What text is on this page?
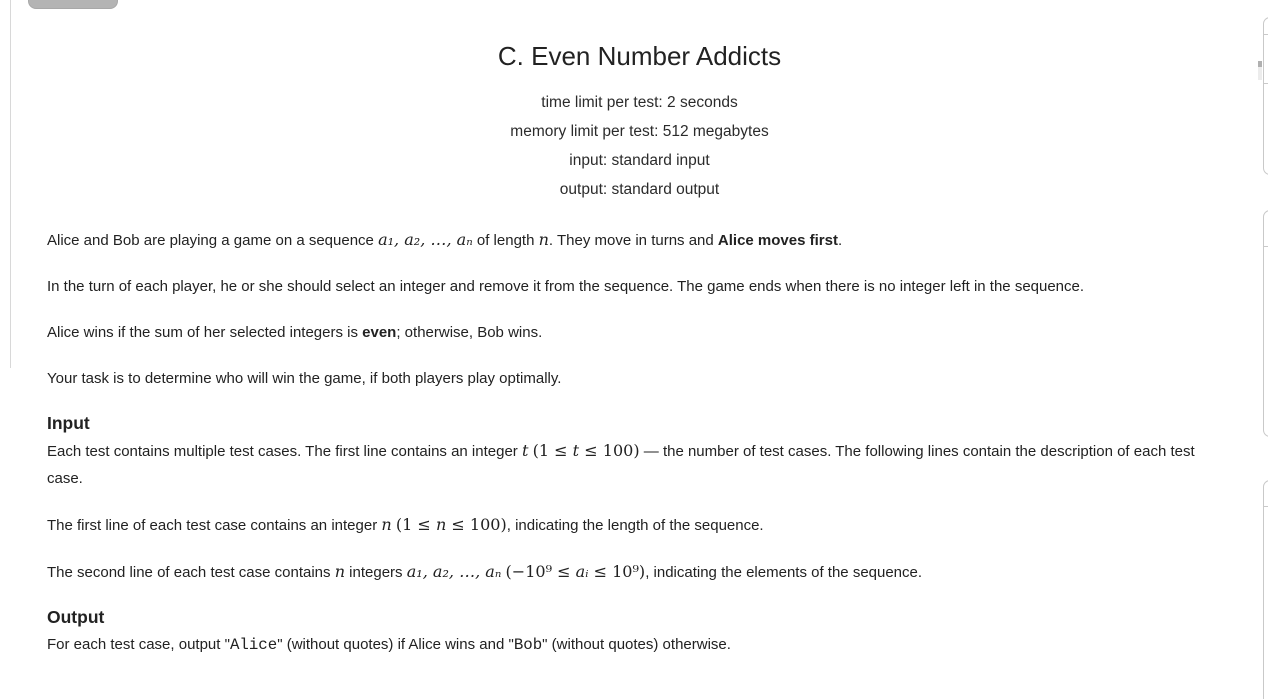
C. Even Number Addicts
time limit per test: 2 seconds
memory limit per test: 512 megabytes
input: standard input
output: standard output

Alice and Bob are playing a game on a sequence a₁, a₂, …, aₙ of length n. They move in turns and Alice moves first.

In the turn of each player, he or she should select an integer and remove it from the sequence. The game ends when there is no integer left in the sequence.

Alice wins if the sum of her selected integers is even; otherwise, Bob wins.

Your task is to determine who will win the game, if both players play optimally.

Input

Each test contains multiple test cases. The first line contains an integer t (1 ≤ t ≤ 100) — the number of test cases. The following lines contain the description of each test case.

The first line of each test case contains an integer n (1 ≤ n ≤ 100), indicating the length of the sequence.

The second line of each test case contains n integers a₁, a₂, …, aₙ (−10⁹ ≤ aᵢ ≤ 10⁹), indicating the elements of the sequence.

Output

For each test case, output "Alice" (without quotes) if Alice wins and "Bob" (without quotes) otherwise.
